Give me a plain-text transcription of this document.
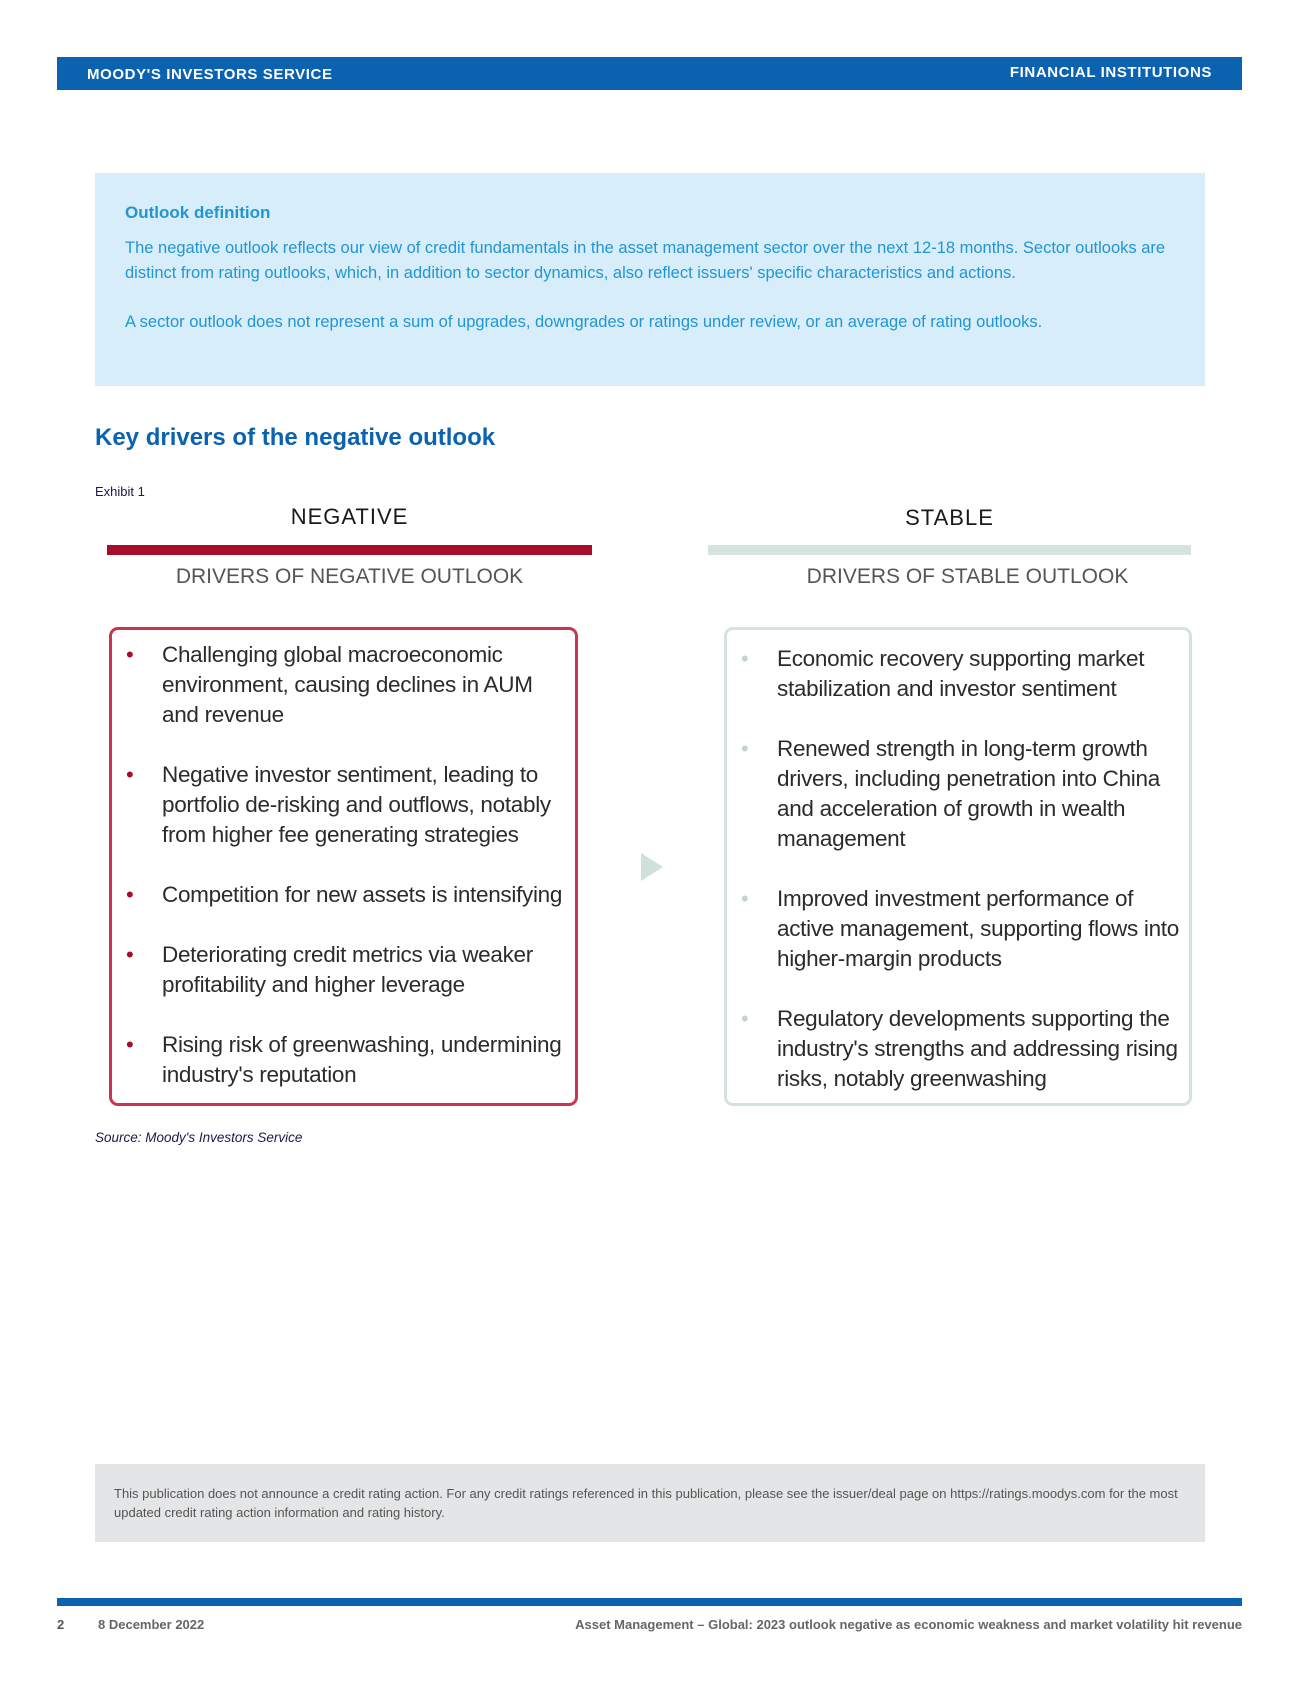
MOODY'S INVESTORS SERVICE	FINANCIAL INSTITUTIONS
Outlook definition

The negative outlook reflects our view of credit fundamentals in the asset management sector over the next 12-18 months. Sector outlooks are distinct from rating outlooks, which, in addition to sector dynamics, also reflect issuers' specific characteristics and actions.

A sector outlook does not represent a sum of upgrades, downgrades or ratings under review, or an average of rating outlooks.

Key drivers of the negative outlook
Exhibit 1
NEGATIVE
DRIVERS OF NEGATIVE OUTLOOK
STABLE
DRIVERS OF STABLE OUTLOOK
• Challenging global macroeconomic environment, causing declines in AUM and revenue
• Negative investor sentiment, leading to portfolio de-risking and outflows, notably from higher fee generating strategies
• Competition for new assets is intensifying
• Deteriorating credit metrics via weaker profitability and higher leverage
• Rising risk of greenwashing, undermining industry's reputation
• Economic recovery supporting market stabilization and investor sentiment
• Renewed strength in long-term growth drivers, including penetration into China and acceleration of growth in wealth management
• Improved investment performance of active management, supporting flows into higher-margin products
• Regulatory developments supporting the industry's strengths and addressing rising risks, notably greenwashing
Source: Moody's Investors Service

This publication does not announce a credit rating action. For any credit ratings referenced in this publication, please see the issuer/deal page on https://ratings.moodys.com for the most updated credit rating action information and rating history.

2	8 December 2022	Asset Management – Global: 2023 outlook negative as economic weakness and market volatility hit revenue
